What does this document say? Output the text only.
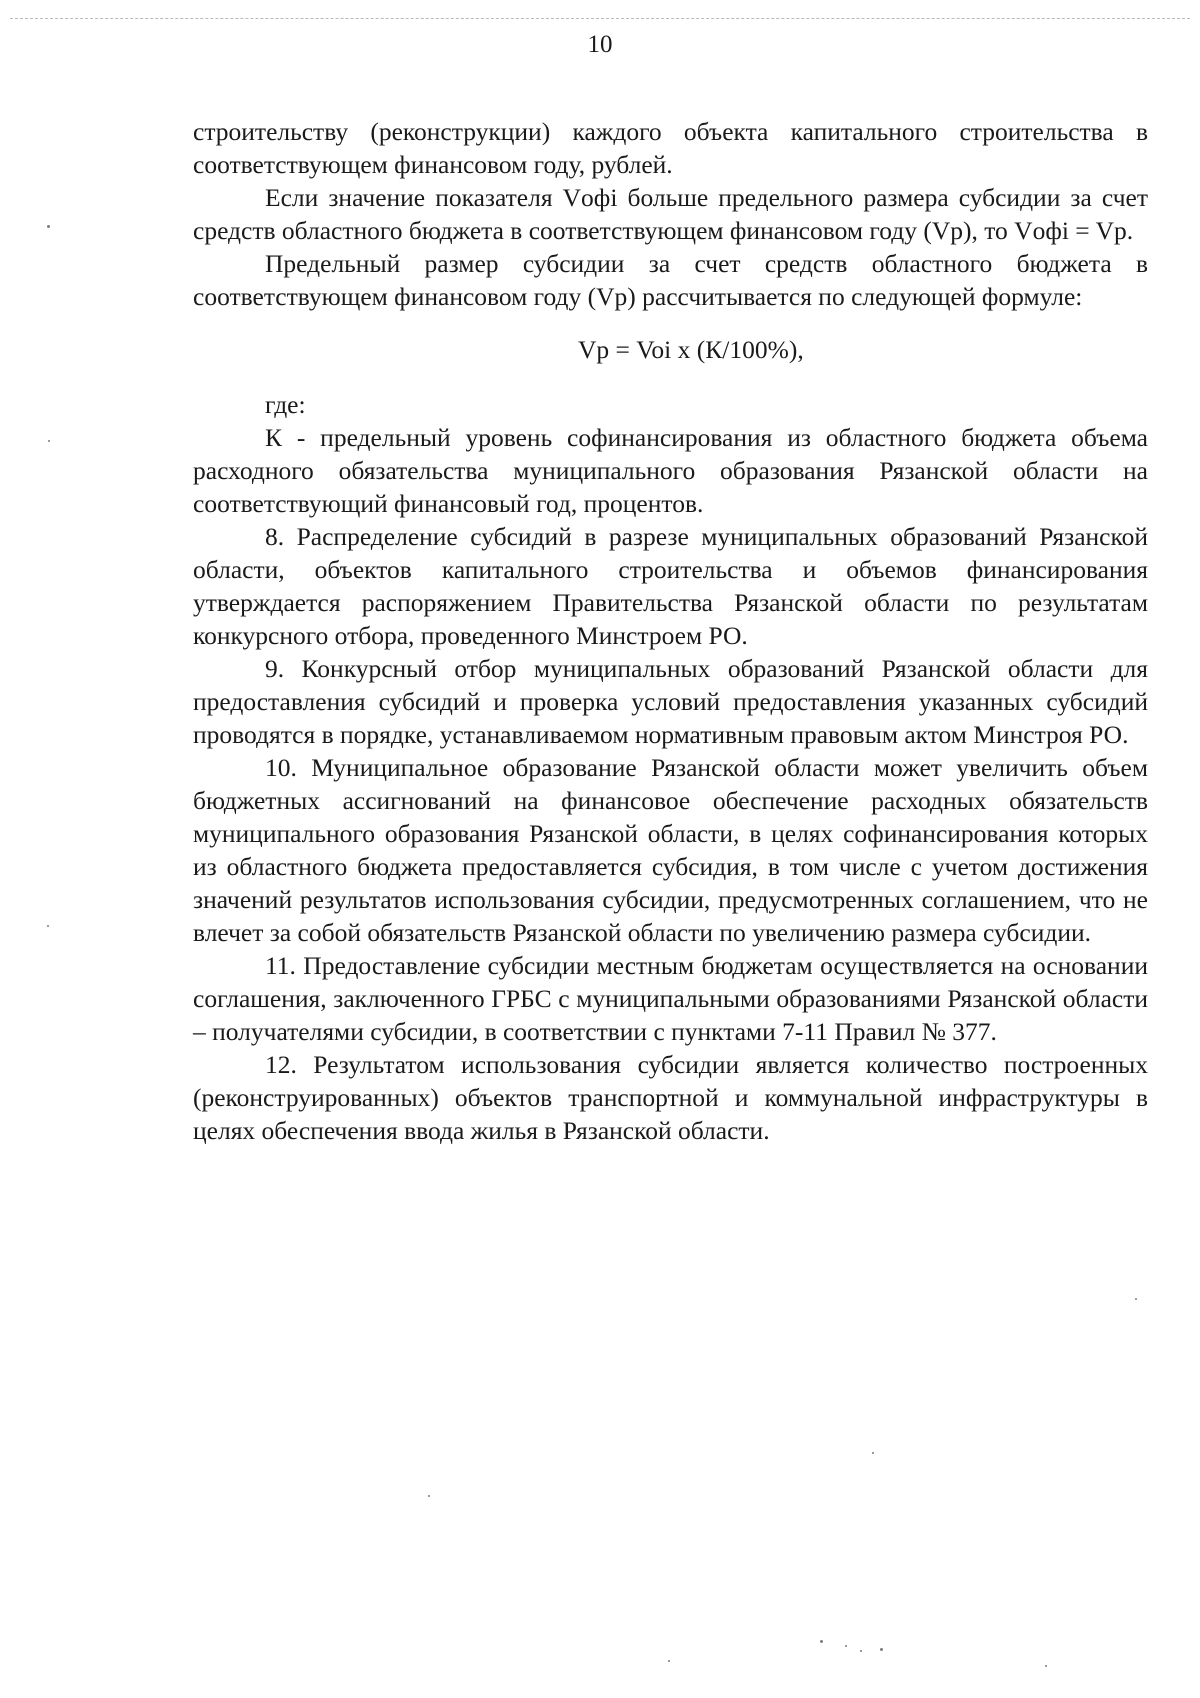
10

строительству (реконструкции) каждого объекта капитального строительства в соответствующем финансовом году, рублей.

Если значение показателя Vофi больше предельного размера субсидии за счет средств областного бюджета в соответствующем финансовом году (Vр), то Vофi = Vр.

Предельный размер субсидии за счет средств областного бюджета в соответствующем финансовом году (Vр) рассчитывается по следующей формуле:

Vр = Voi x (К/100%),

где:

К - предельный уровень софинансирования из областного бюджета объема расходного обязательства муниципального образования Рязанской области на соответствующий финансовый год, процентов.

8. Распределение субсидий в разрезе муниципальных образований Рязанской области, объектов капитального строительства и объемов финансирования утверждается распоряжением Правительства Рязанской области по результатам конкурсного отбора, проведенного Минстроем РО.

9. Конкурсный отбор муниципальных образований Рязанской области для предоставления субсидий и проверка условий предоставления указанных субсидий проводятся в порядке, устанавливаемом нормативным правовым актом Минстроя РО.

10. Муниципальное образование Рязанской области может увеличить объем бюджетных ассигнований на финансовое обеспечение расходных обязательств муниципального образования Рязанской области, в целях софинансирования которых из областного бюджета предоставляется субсидия, в том числе с учетом достижения значений результатов использования субсидии, предусмотренных соглашением, что не влечет за собой обязательств Рязанской области по увеличению размера субсидии.

11. Предоставление субсидии местным бюджетам осуществляется на основании соглашения, заключенного ГРБС с муниципальными образованиями Рязанской области – получателями субсидии, в соответствии с пунктами 7-11 Правил № 377.

12. Результатом использования субсидии является количество построенных (реконструированных) объектов транспортной и коммунальной инфраструктуры в целях обеспечения ввода жилья в Рязанской области.
